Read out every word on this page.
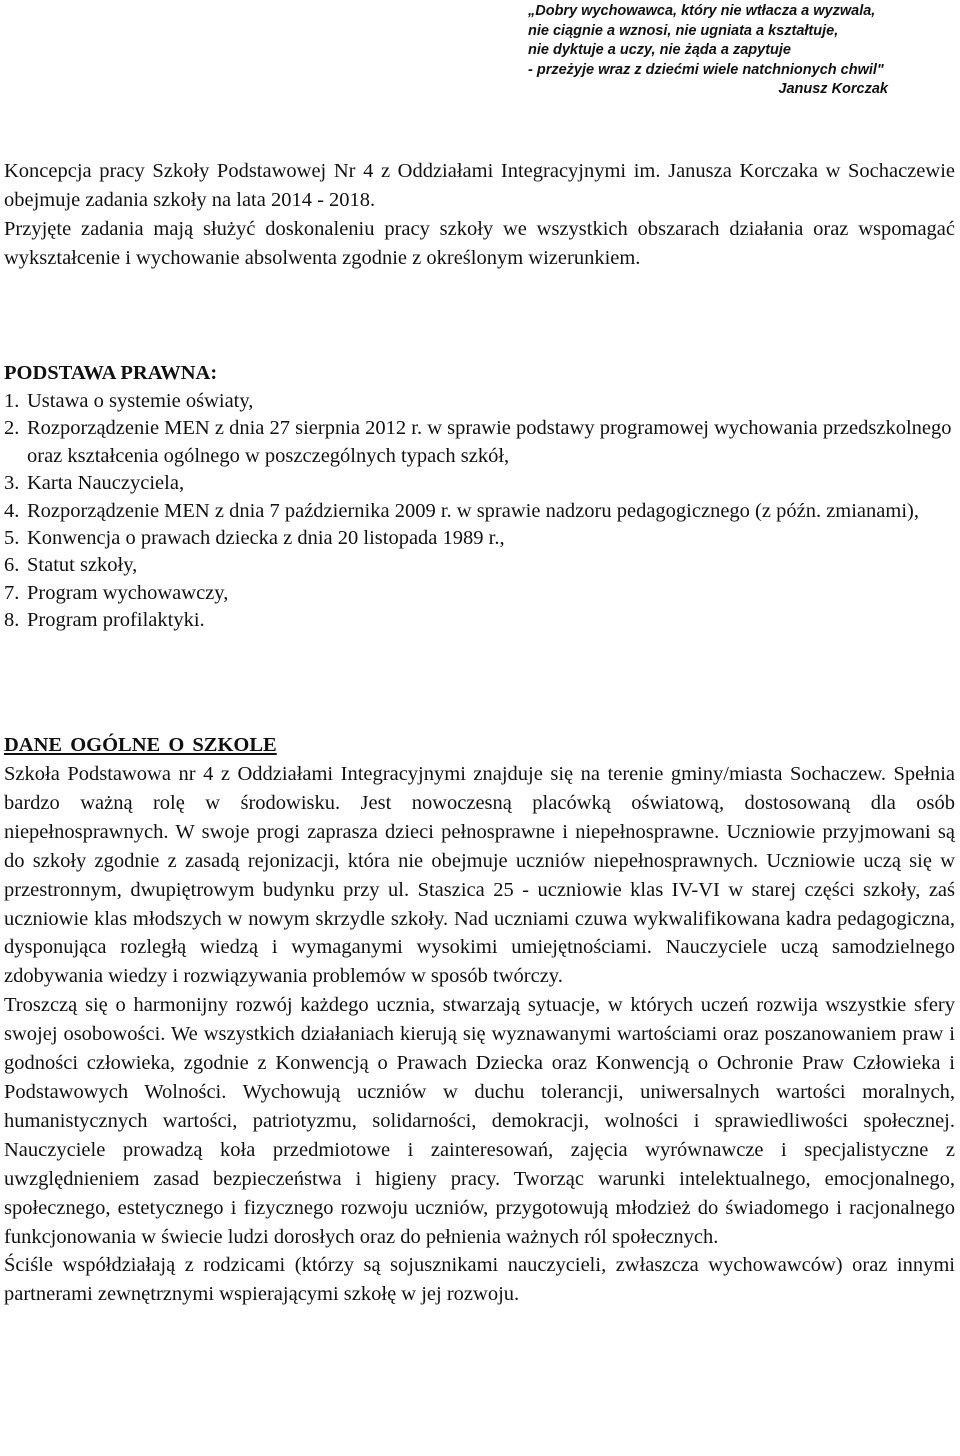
„Dobry wychowawca, który nie wtłacza a wyzwala,
nie ciągnie a wznosi, nie ugniata a kształtuje,
nie dyktuje a uczy, nie żąda a zapytuje
- przeżyje wraz z dziećmi wiele natchnionych chwil"
Janusz Korczak

Koncepcja pracy Szkoły Podstawowej Nr 4 z Oddziałami Integracyjnymi im. Janusza Korczaka w Sochaczewie obejmuje zadania szkoły na lata 2014 - 2018.

Przyjęte zadania mają służyć doskonaleniu pracy szkoły we wszystkich obszarach działania oraz wspomagać wykształcenie i wychowanie absolwenta zgodnie z określonym wizerunkiem.

PODSTAWA PRAWNA:
1. Ustawa o systemie oświaty,
2. Rozporządzenie MEN z dnia 27 sierpnia 2012 r. w sprawie podstawy programowej wychowania przedszkolnego oraz kształcenia ogólnego w poszczególnych typach szkół,
3. Karta Nauczyciela,
4. Rozporządzenie MEN z dnia 7 października 2009 r. w sprawie nadzoru pedagogicznego (z późn. zmianami),
5. Konwencja o prawach dziecka z dnia 20 listopada 1989 r.,
6. Statut szkoły,
7. Program wychowawczy,
8. Program profilaktyki.
DANE OGÓLNE O SZKOLE

Szkoła Podstawowa nr 4 z Oddziałami Integracyjnymi znajduje się na terenie gminy/miasta Sochaczew. Spełnia bardzo ważną rolę w środowisku. Jest nowoczesną placówką oświatową, dostosowaną dla osób niepełnosprawnych. W swoje progi zaprasza dzieci pełnosprawne i niepełnosprawne. Uczniowie przyjmowani są do szkoły zgodnie z zasadą rejonizacji, która nie obejmuje uczniów niepełnosprawnych. Uczniowie uczą się w przestronnym, dwupiętrowym budynku przy ul. Staszica 25 - uczniowie klas IV-VI w starej części szkoły, zaś uczniowie klas młodszych w nowym skrzydle szkoły. Nad uczniami czuwa wykwalifikowana kadra pedagogiczna, dysponująca rozległą wiedzą i wymaganymi wysokimi umiejętnościami. Nauczyciele uczą samodzielnego zdobywania wiedzy i rozwiązywania problemów w sposób twórczy.

Troszczą się o harmonijny rozwój każdego ucznia, stwarzają sytuacje, w których uczeń rozwija wszystkie sfery swojej osobowości. We wszystkich działaniach kierują się wyznawanymi wartościami oraz poszanowaniem praw i godności człowieka, zgodnie z Konwencją o Prawach Dziecka oraz Konwencją o Ochronie Praw Człowieka i Podstawowych Wolności. Wychowują uczniów w duchu tolerancji, uniwersalnych wartości moralnych, humanistycznych wartości, patriotyzmu, solidarności, demokracji, wolności i sprawiedliwości społecznej. Nauczyciele prowadzą koła przedmiotowe i zainteresowań, zajęcia wyrównawcze i specjalistyczne z uwzględnieniem zasad bezpieczeństwa i higieny pracy. Tworząc warunki intelektualnego, emocjonalnego, społecznego, estetycznego i fizycznego rozwoju uczniów, przygotowują młodzież do świadomego i racjonalnego funkcjonowania w świecie ludzi dorosłych oraz do pełnienia ważnych ról społecznych.

Ściśle współdziałają z rodzicami (którzy są sojusznikami nauczycieli, zwłaszcza wychowawców) oraz innymi partnerami zewnętrznymi wspierającymi szkołę w jej rozwoju.
